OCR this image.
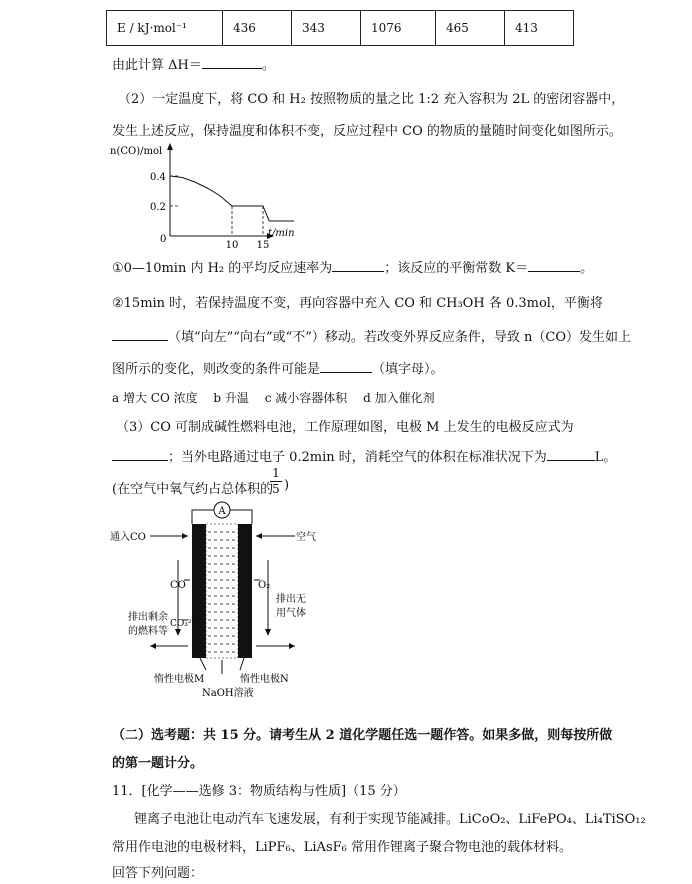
E / kJ·mol⁻¹	436	343	1076	465	413
由此计算 ΔH＝	。
（2）一定温度下，将 CO 和 H₂ 按照物质的量之比 1:2 充入容积为 2L 的密闭容器中，
发生上述反应，保持温度和体积不变，反应过程中 CO 的物质的量随时间变化如图所示。
n(CO)/mol
t/min
0
0.4
0.2
10 15
①0—10min 内 H₂ 的平均反应速率为	；该反应的平衡常数 K＝	。
②15min 时，若保持温度不变，再向容器中充入 CO 和 CH₃OH 各 0.3mol，平衡将
（填“向左”“向右”或“不”）移动。若改变外界反应条件，导致 n（CO）发生如上
图所示的变化，则改变的条件可能是	（填字母）。
a 增大 CO 浓度　 b 升温　 c 减小容器体积　 d 加入催化剂
（3）CO 可制成碱性燃料电池，工作原理如图，电极 M 上发生的电极反应式为
；当外电路通过电子 0.2min 时，消耗空气的体积在标准状况下为	L。
(在空气中氧气约占总体积的
$\frac{1}{5}$ )
A
通入CO	空气
CO	O₂
CO₃²⁻
排出剩余
的燃料等
排出无
用气体
惰性电极M	惰性电极N
NaOH溶液
（二）选考题：共 15 分。请考生从 2 道化学题任选一题作答。如果多做，则每按所做
的第一题计分。
11．[化学——选修 3：物质结构与性质]（15 分）
锂离子电池让电动汽车飞速发展，有利于实现节能减排。LiCoO₂、LiFePO₄、Li₄TiSO₁₂
常用作电池的电极材料，LiPF₆、LiAsF₆ 常用作锂离子聚合物电池的载体材料。
回答下列问题：
